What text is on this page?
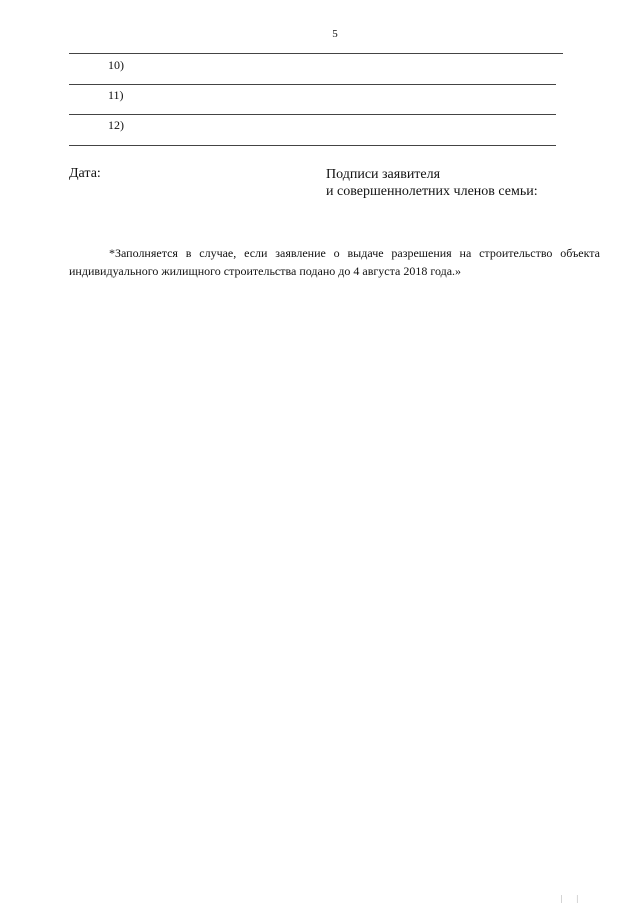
5
10)
11)
12)
Дата:	Подписи заявителя
и совершеннолетних членов семьи:
*Заполняется в случае, если заявление о выдаче разрешения на строительство объекта индивидуального жилищного строительства подано до 4 августа 2018 года.»
| |
